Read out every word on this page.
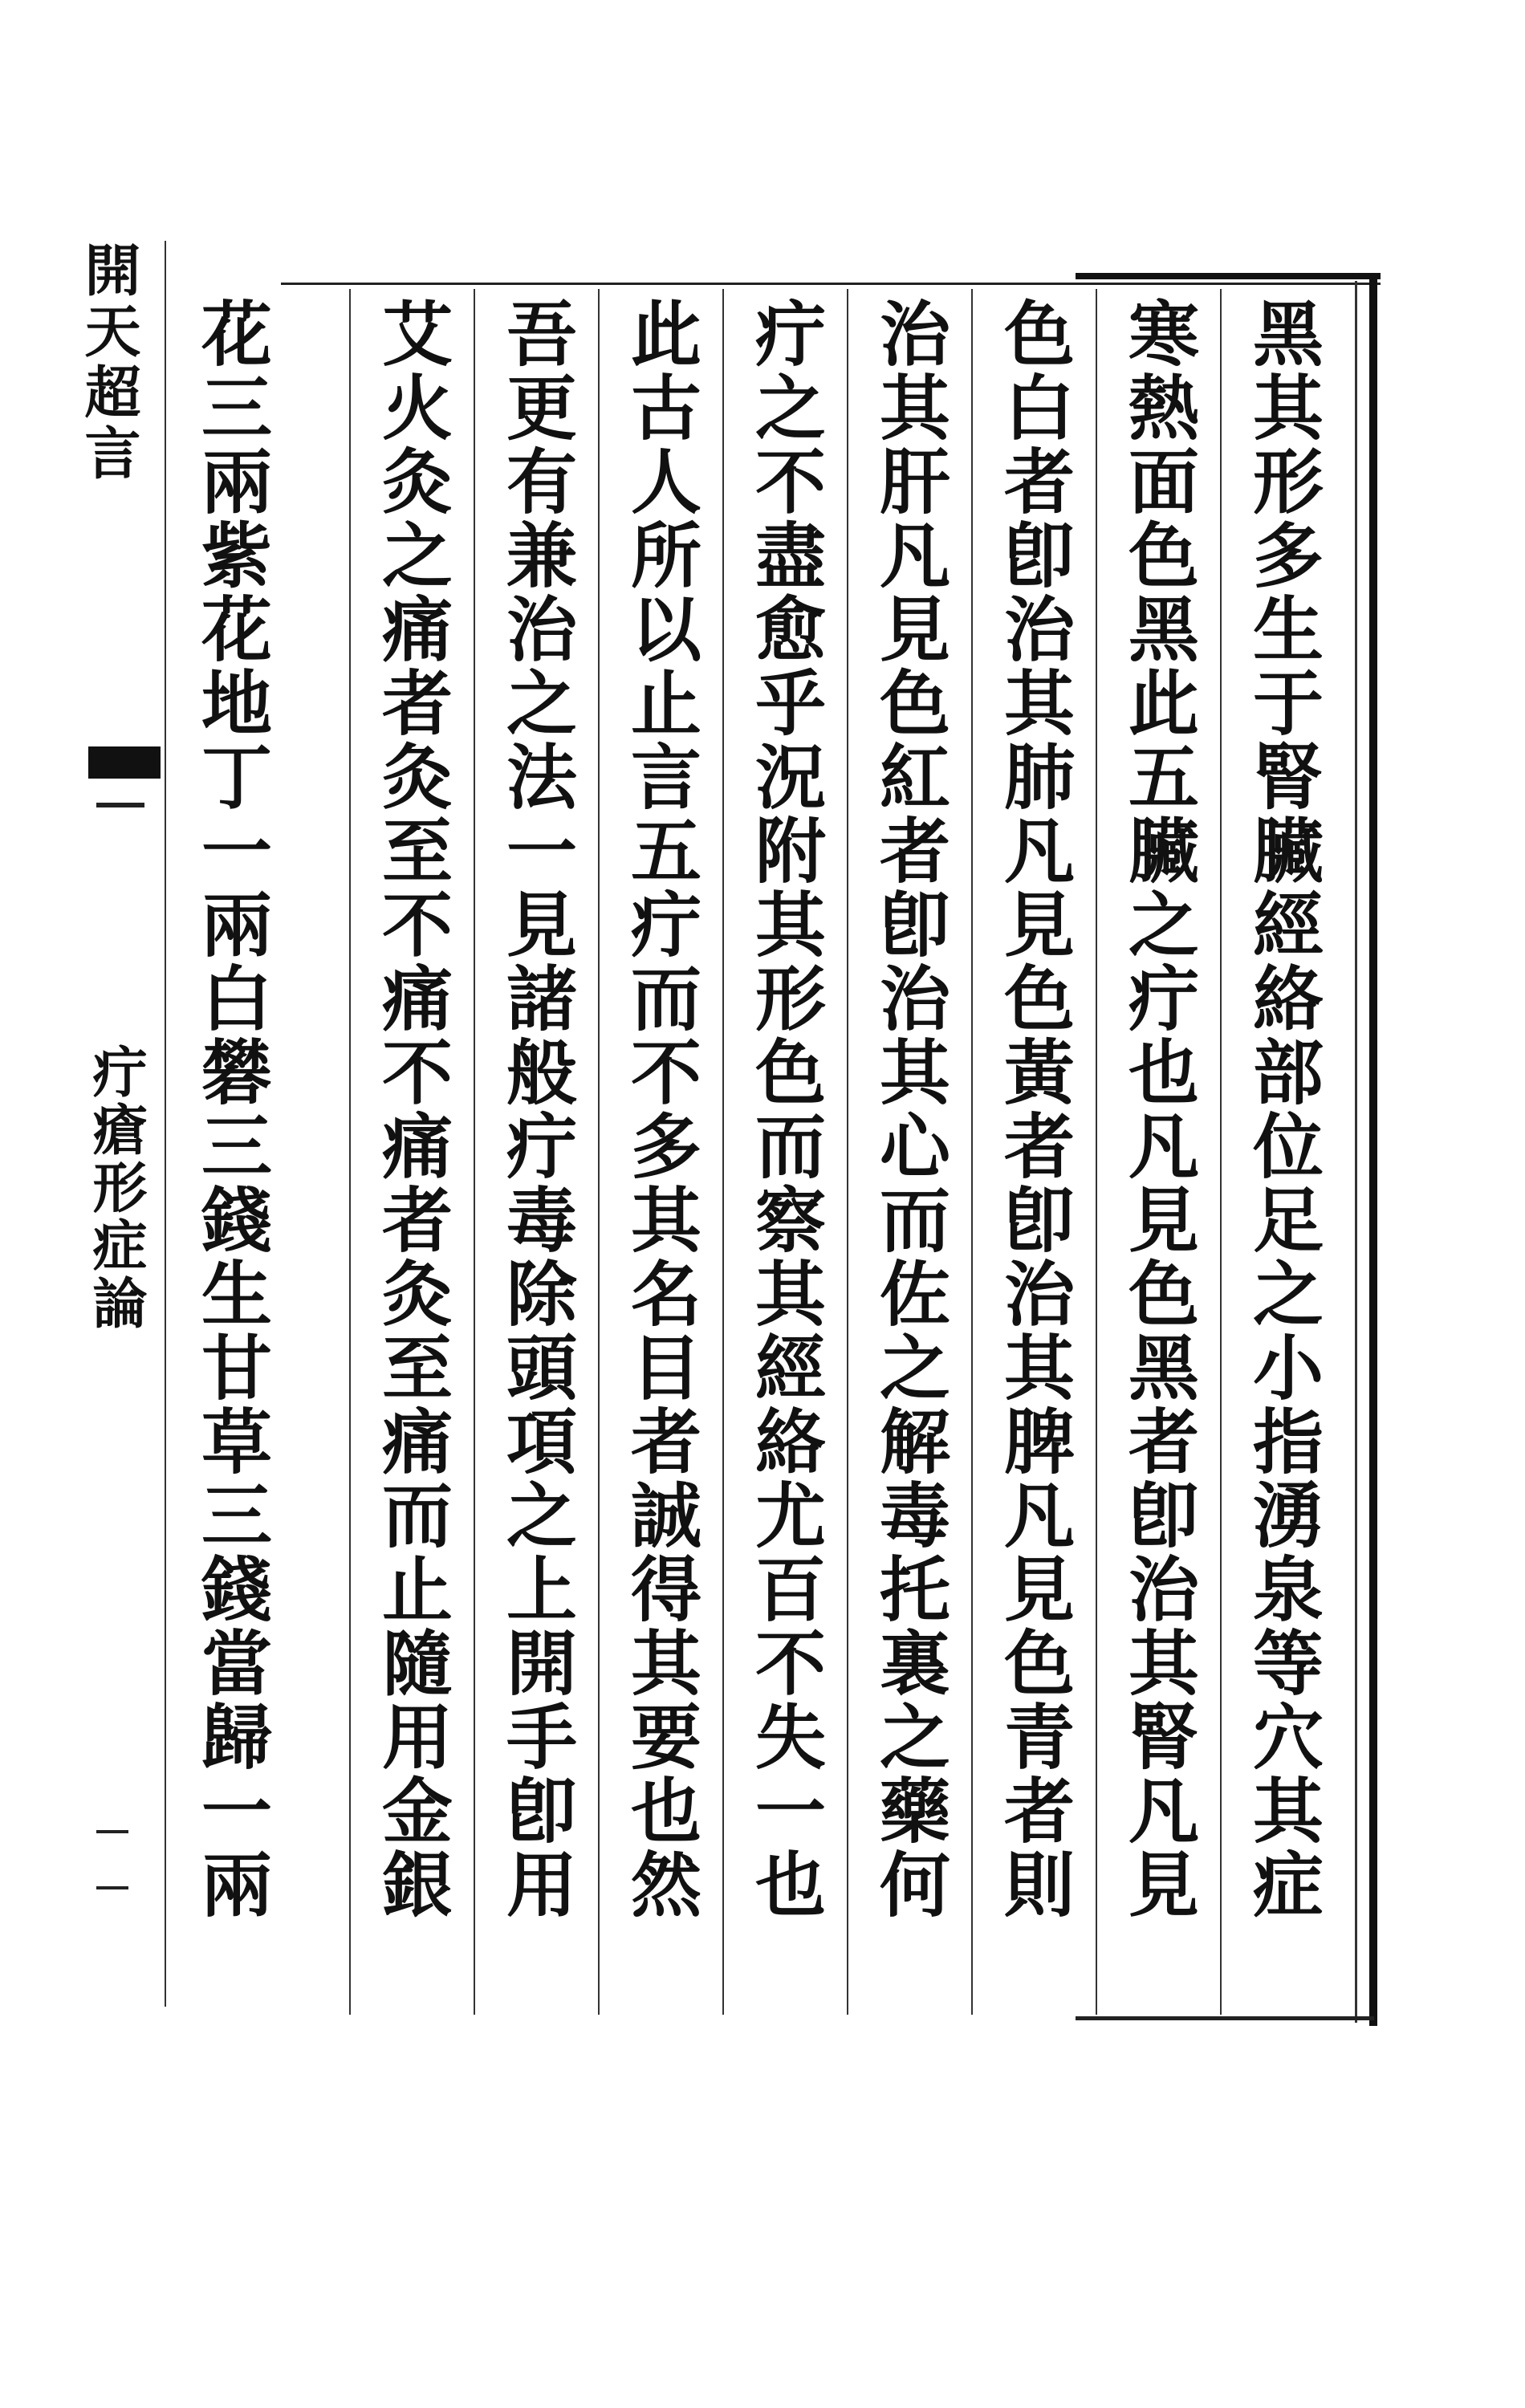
黑其形多生于腎臟經絡部位足之小指湧泉等穴其症
寒熱面色黑此五臟之疔也凡見色黑者卽治其腎凡見
色白者卽治其肺凡見色黃者卽治其脾凡見色青者則
治其肝凡見色紅者卽治其心而佐之解毒托裏之藥何
疔之不盡愈乎況附其形色而察其經絡尤百不失一也
此古人所以止言五疔而不多其名目者誠得其要也然
吾更有兼治之法一見諸般疔毒除頭項之上開手卽用
艾火灸之痛者灸至不痛不痛者灸至痛而止隨用金銀
花三兩紫花地丁一兩白礬三錢生甘草三錢當歸一兩
開天超言
疔瘡形症論
